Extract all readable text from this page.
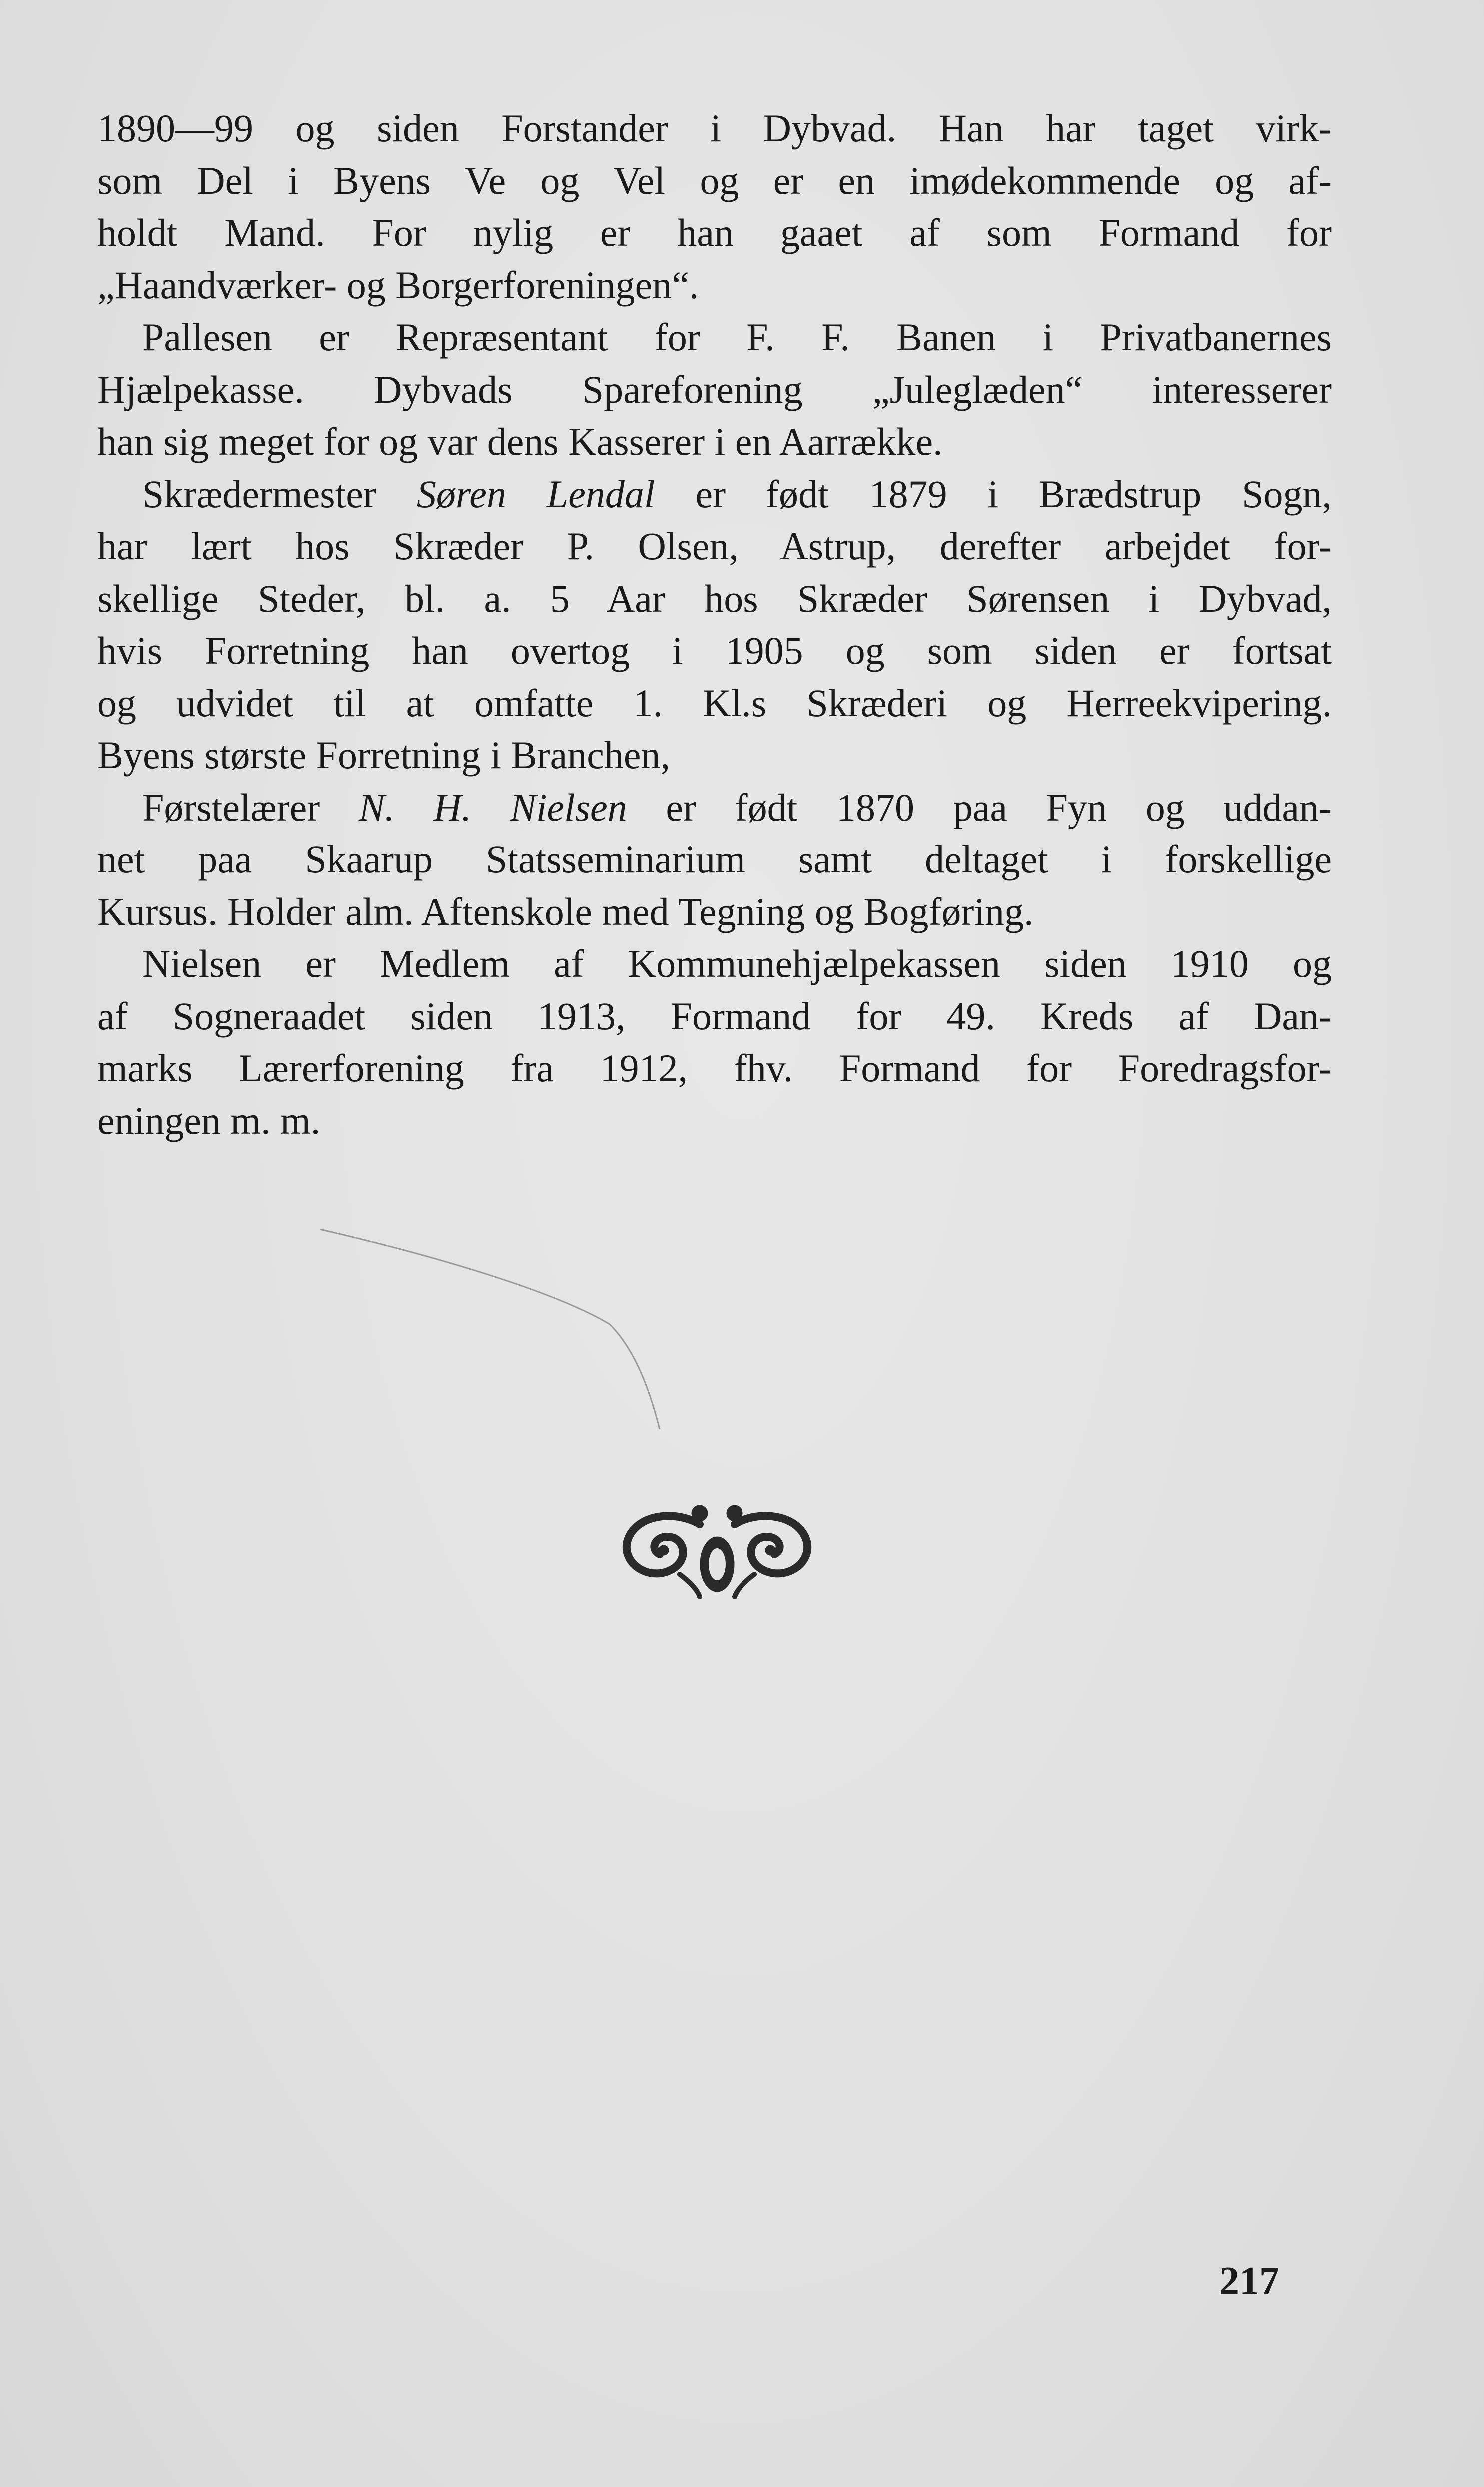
1890—99 og siden Forstander i Dybvad. Han har taget virk-
som Del i Byens Ve og Vel og er en imødekommende og af-
holdt Mand. For nylig er han gaaet af som Formand for
„Haandværker- og Borgerforeningen“.
Pallesen er Repræsentant for F. F. Banen i Privatbanernes
Hjælpekasse. Dybvads Spareforening „Juleglæden“ interesserer
han sig meget for og var dens Kasserer i en Aarrække.
Skrædermester Søren Lendal er født 1879 i Brædstrup Sogn,
har lært hos Skræder P. Olsen, Astrup, derefter arbejdet for-
skellige Steder, bl. a. 5 Aar hos Skræder Sørensen i Dybvad,
hvis Forretning han overtog i 1905 og som siden er fortsat
og udvidet til at omfatte 1. Kl.s Skræderi og Herreekvipering.
Byens største Forretning i Branchen,
Førstelærer N. H. Nielsen er født 1870 paa Fyn og uddan-
net paa Skaarup Statsseminarium samt deltaget i forskellige
Kursus. Holder alm. Aftenskole med Tegning og Bogføring.
Nielsen er Medlem af Kommunehjælpekassen siden 1910 og
af Sogneraadet siden 1913, Formand for 49. Kreds af Dan-
marks Lærerforening fra 1912, fhv. Formand for Foredragsfor-
eningen m. m.
217
